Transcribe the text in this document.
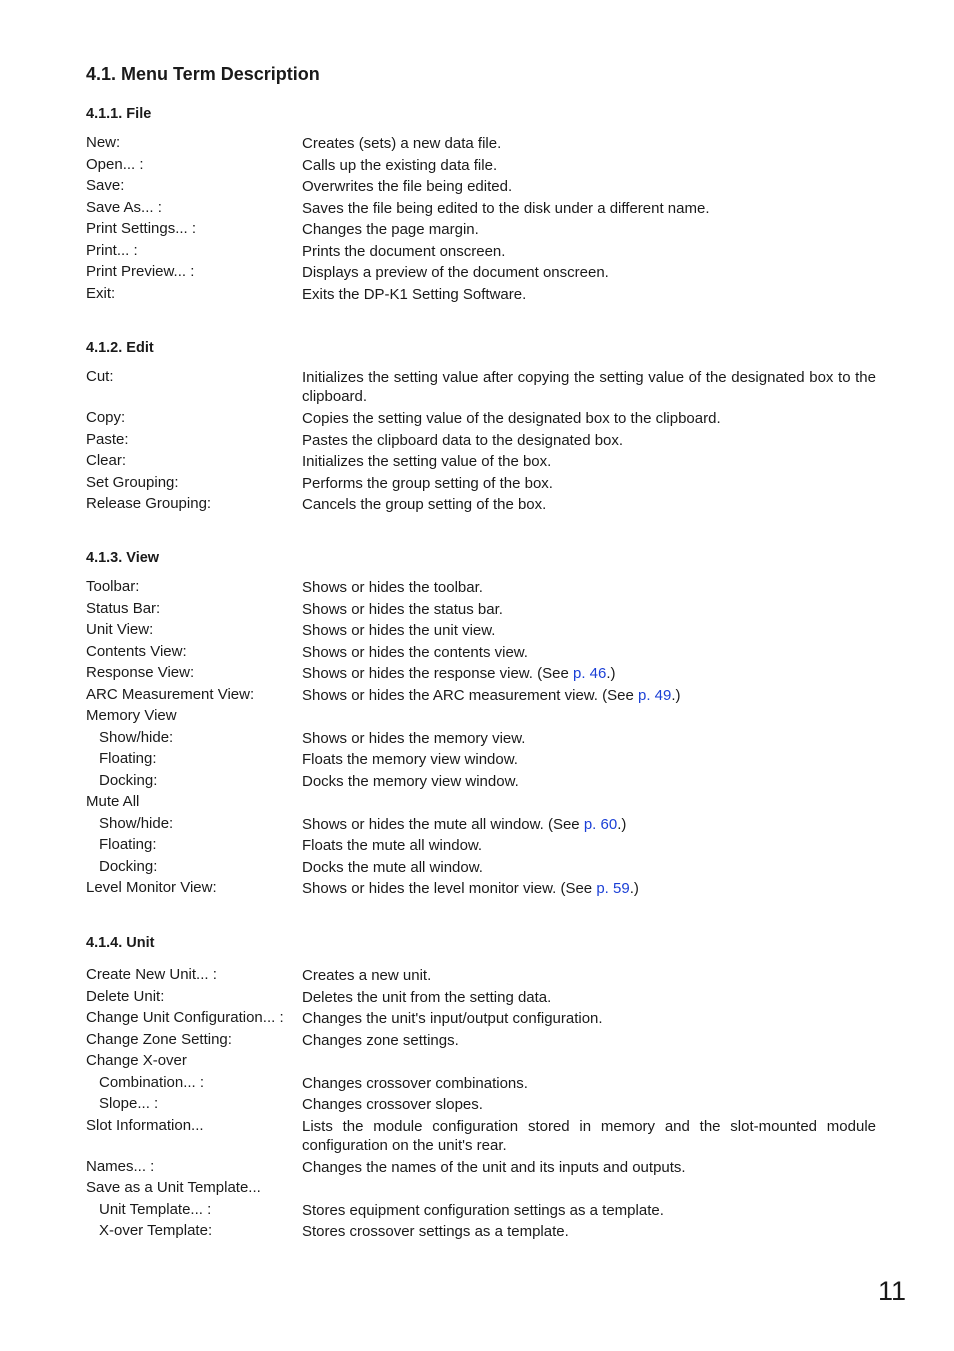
4.1. Menu Term Description
4.1.1. File
New:	Creates (sets) a new data file.
Open... :	Calls up the existing data file.
Save:	Overwrites the file being edited.
Save As... :	Saves the file being edited to the disk under a different name.
Print Settings... :	Changes the page margin.
Print... :	Prints the document onscreen.
Print Preview... :	Displays a preview of the document onscreen.
Exit:	Exits the DP-K1 Setting Software.
4.1.2. Edit
Cut:	Initializes the setting value after copying the setting value of the designated box to the clipboard.
Copy:	Copies the setting value of the designated box to the clipboard.
Paste:	Pastes the clipboard data to the designated box.
Clear:	Initializes the setting value of the box.
Set Grouping:	Performs the group setting of the box.
Release Grouping:	Cancels the group setting of the box.
4.1.3. View
Toolbar:	Shows or hides the toolbar.
Status Bar:	Shows or hides the status bar.
Unit View:	Shows or hides the unit view.
Contents View:	Shows or hides the contents view.
Response View:	Shows or hides the response view. (See p. 46.)
ARC Measurement View:	Shows or hides the ARC measurement view. (See p. 49.)
Memory View
Show/hide:	Shows or hides the memory view.
Floating:	Floats the memory view window.
Docking:	Docks the memory view window.
Mute All
Show/hide:	Shows or hides the mute all window. (See p. 60.)
Floating:	Floats the mute all window.
Docking:	Docks the mute all window.
Level Monitor View:	Shows or hides the level monitor view. (See p. 59.)
4.1.4. Unit
Create New Unit... :	Creates a new unit.
Delete Unit:	Deletes the unit from the setting data.
Change Unit Configuration... :	Changes the unit's input/output configuration.
Change Zone Setting:	Changes zone settings.
Change X-over
Combination... :	Changes crossover combinations.
Slope... :	Changes crossover slopes.
Slot Information...	Lists the module configuration stored in memory and the slot-mounted module configuration on the unit's rear.
Names... :	Changes the names of the unit and its inputs and outputs.
Save as a Unit Template...
Unit Template... :	Stores equipment configuration settings as a template.
X-over Template:	Stores crossover settings as a template.
11
